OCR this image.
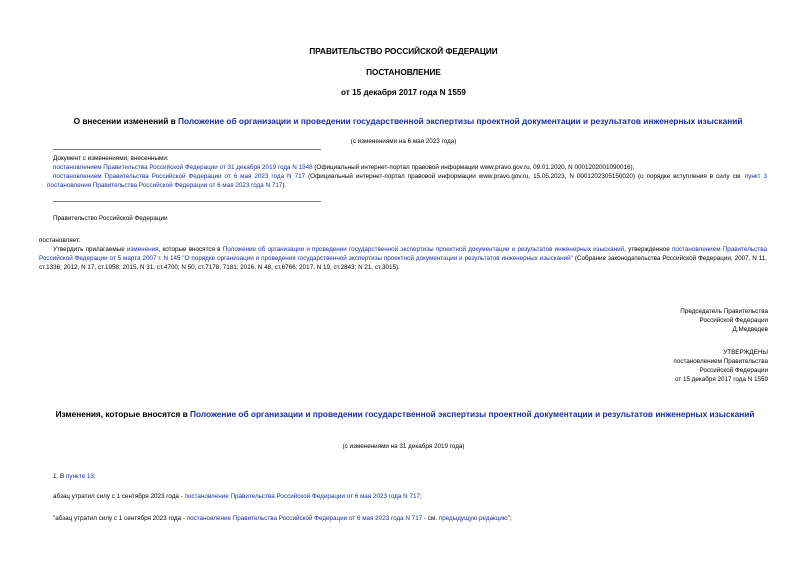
ПРАВИТЕЛЬСТВО РОССИЙСКОЙ ФЕДЕРАЦИИ
ПОСТАНОВЛЕНИЕ
от 15 декабря 2017 года N 1559
О внесении изменений в Положение об организации и проведении государственной экспертизы проектной документации и результатов инженерных изысканий
(с изменениями на 6 мая 2023 года)
Документ с изменениями, внесенными:
постановлением Правительства Российской Федерации от 31 декабря 2019 года N 1948 (Официальный интернет-портал правовой информации www.pravo.gov.ru, 09.01.2020, N 0001202001090016);
постановлением Правительства Российской Федерации от 6 мая 2023 года N 717 (Официальный интернет-портал правовой информации www.pravo.gov.ru, 15.05.2023, N 0001202305150020) (о порядке вступления в силу см. пункт 3 постановления Правительства Российской Федерации от 6 мая 2023 года N 717).
Правительство Российской Федерации
постановляет:
Утвердить прилагаемые изменения, которые вносятся в Положение об организации и проведении государственной экспертизы проектной документации и результатов инженерных изысканий, утвержденное постановлением Правительства Российской Федерации от 5 марта 2007 г. N 145 "О порядке организации и проведения государственной экспертизы проектной документации и результатов инженерных изысканий" (Собрание законодательства Российской Федерации, 2007, N 11, ст.1336; 2012, N 17, ст.1958; 2015, N 31, ст.4700; N 50, ст.7178, 7181; 2016, N 48, ст.6766; 2017, N 19, ст.2843; N 21, ст.3015).
Председатель Правительства
Российской Федерации
Д.Медведев
УТВЕРЖДЕНЫ
постановлением Правительства
Российской Федерации
от 15 декабря 2017 года N 1559
Изменения, которые вносятся в Положение об организации и проведении государственной экспертизы проектной документации и результатов инженерных изысканий
(с изменениями на 31 декабря 2019 года)
1. В пункте 13:
абзац утратил силу с 1 сентября 2023 года - постановление Правительства Российской Федерации от 6 мая 2023 года N 717;
"абзац утратил силу с 1 сентября 2023 года - постановление Правительства Российской Федерации от 6 мая 2023 года N 717 - см. предыдущую редакцию";
